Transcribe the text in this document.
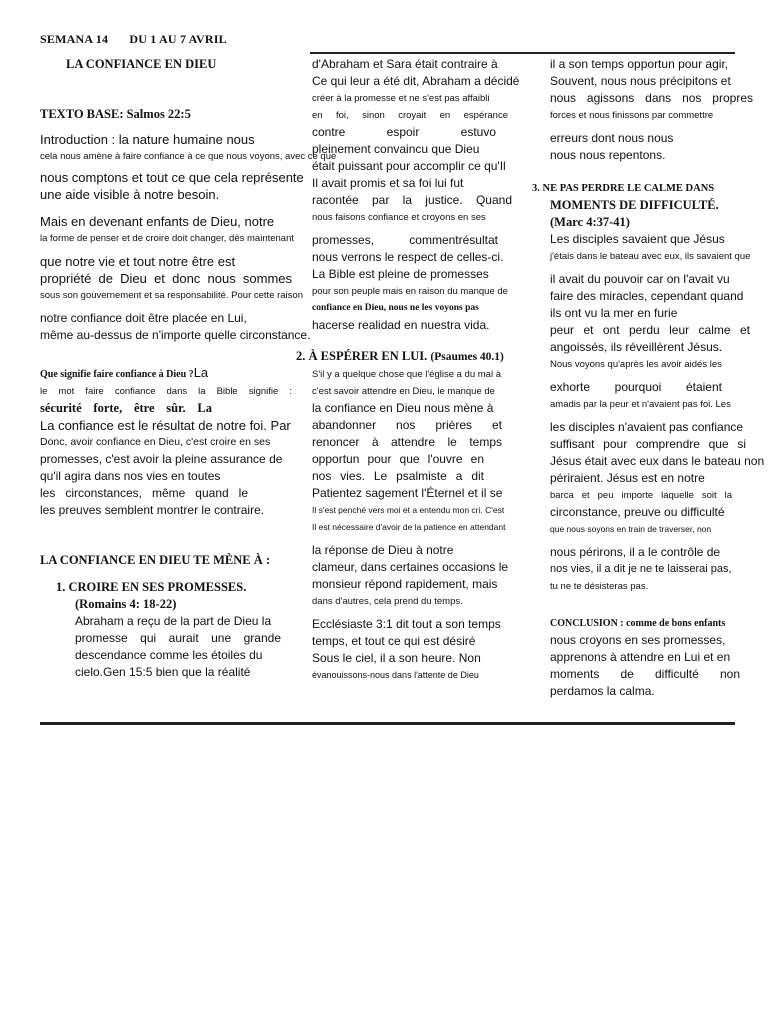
SEMANA 14 DU 1 AU 7 AVRIL
LA CONFIANCE EN DIEU
TEXTO BASE: Salmos 22:5
Introduction : la nature humaine nous
cela nous amène à faire confiance à ce que nous voyons, avec ce que
nous comptons et tout ce que cela représente
une aide visible à notre besoin.
Mais en devenant enfants de Dieu, notre
la forme de penser et de croire doit changer, dès maintenant
que notre vie et tout notre être est
propriété de Dieu et donc nous sommes
sous son gouvernement et sa responsabilité. Pour cette raison
notre confiance doit être placée en Lui,
même au-dessus de n'importe quelle circonstance.
Que signifie faire confiance à Dieu ?La
le mot faire confiance dans la Bible signifie :
sécurité forte, être sûr. La
La confiance est le résultat de notre foi. Par
Donc, avoir confiance en Dieu, c'est croire en ses
promesses, c'est avoir la pleine assurance de
qu'il agira dans nos vies en toutes
les circonstances, même quand le
les preuves semblent montrer le contraire.
LA CONFIANCE EN DIEU TE MÈNE À :
1. CROIRE EN SES PROMESSES.
(Romains 4: 18-22)
Abraham a reçu de la part de Dieu la
promesse qui aurait une grande
descendance comme les étoiles du
cielo.Gen 15:5 bien que la réalité
d'Abraham et Sara était contraire à
Ce qui leur a été dit, Abraham a décidé
créer à la promesse et ne s'est pas affaibli
en foi, sinon croyait en espérance
contre espoir estuvo
pleinement convaincu que Dieu
était puissant pour accomplir ce qu'Il
Il avait promis et sa foi lui fut
racontée par la justice. Quand
nous faisons confiance et croyons en ses
promesses, commentrésultat
nous verrons le respect de celles-ci.
La Bible est pleine de promesses
pour son peuple mais en raison du manque de
confiance en Dieu, nous ne les voyons pas
hacerse realidad en nuestra vida.
2. À ESPÉRER EN LUI. (Psaumes 40.1)
S'il y a quelque chose que l'église a du mal à
c'est savoir attendre en Dieu, le manque de
la confiance en Dieu nous mène à
abandonner nos prières et
renoncer à attendre le temps
opportun pour que l'ouvre en
nos vies. Le psalmiste a dit
Patientez sagement l'Éternel et il se
Il s'est penché vers moi et a entendu mon cri. C'est
Il est nécessaire d'avoir de la patience en attendant
la réponse de Dieu à notre
clameur, dans certaines occasions le
monsieur répond rapidement, mais
dans d'autres, cela prend du temps.
Ecclésiaste 3:1 dit tout a son temps
temps, et tout ce qui est désiré
Sous le ciel, il a son heure. Non
évanouissons-nous dans l'attente de Dieu
il a son temps opportun pour agir,
Souvent, nous nous précipitons et
nous agissons dans nos propres
forces et nous finissons par commettre
erreurs dont nous nous
nous nous repentons.
3. NE PAS PERDRE LE CALME DANS
MOMENTS DE DIFFICULTÉ.
(Marc 4:37-41)
Les disciples savaient que Jésus
j'étais dans le bateau avec eux, ils savaient que
il avait du pouvoir car on l'avait vu
faire des miracles, cependant quand
ils ont vu la mer en furie
peur et ont perdu leur calme et
angoissés, ils réveillèrent Jésus.
Nous voyons qu'après les avoir aidés les
exhorte pourquoi étaient
amadis par la peur et n'avaient pas foi. Les
les disciples n'avaient pas confiance
suffisant pour comprendre que si
Jésus était avec eux dans le bateau non
périraient. Jésus est en notre
barca et peu importe laquelle soit la
circonstance, preuve ou difficulté
que nous soyons en train de traverser, non
nous périrons, il a le contrôle de
nos vies, il a dit je ne te laisserai pas,
tu ne te désisteras pas.
CONCLUSION : comme de bons enfants
nous croyons en ses promesses,
apprenons à attendre en Lui et en
moments de difficulté non
perdamos la calma.
